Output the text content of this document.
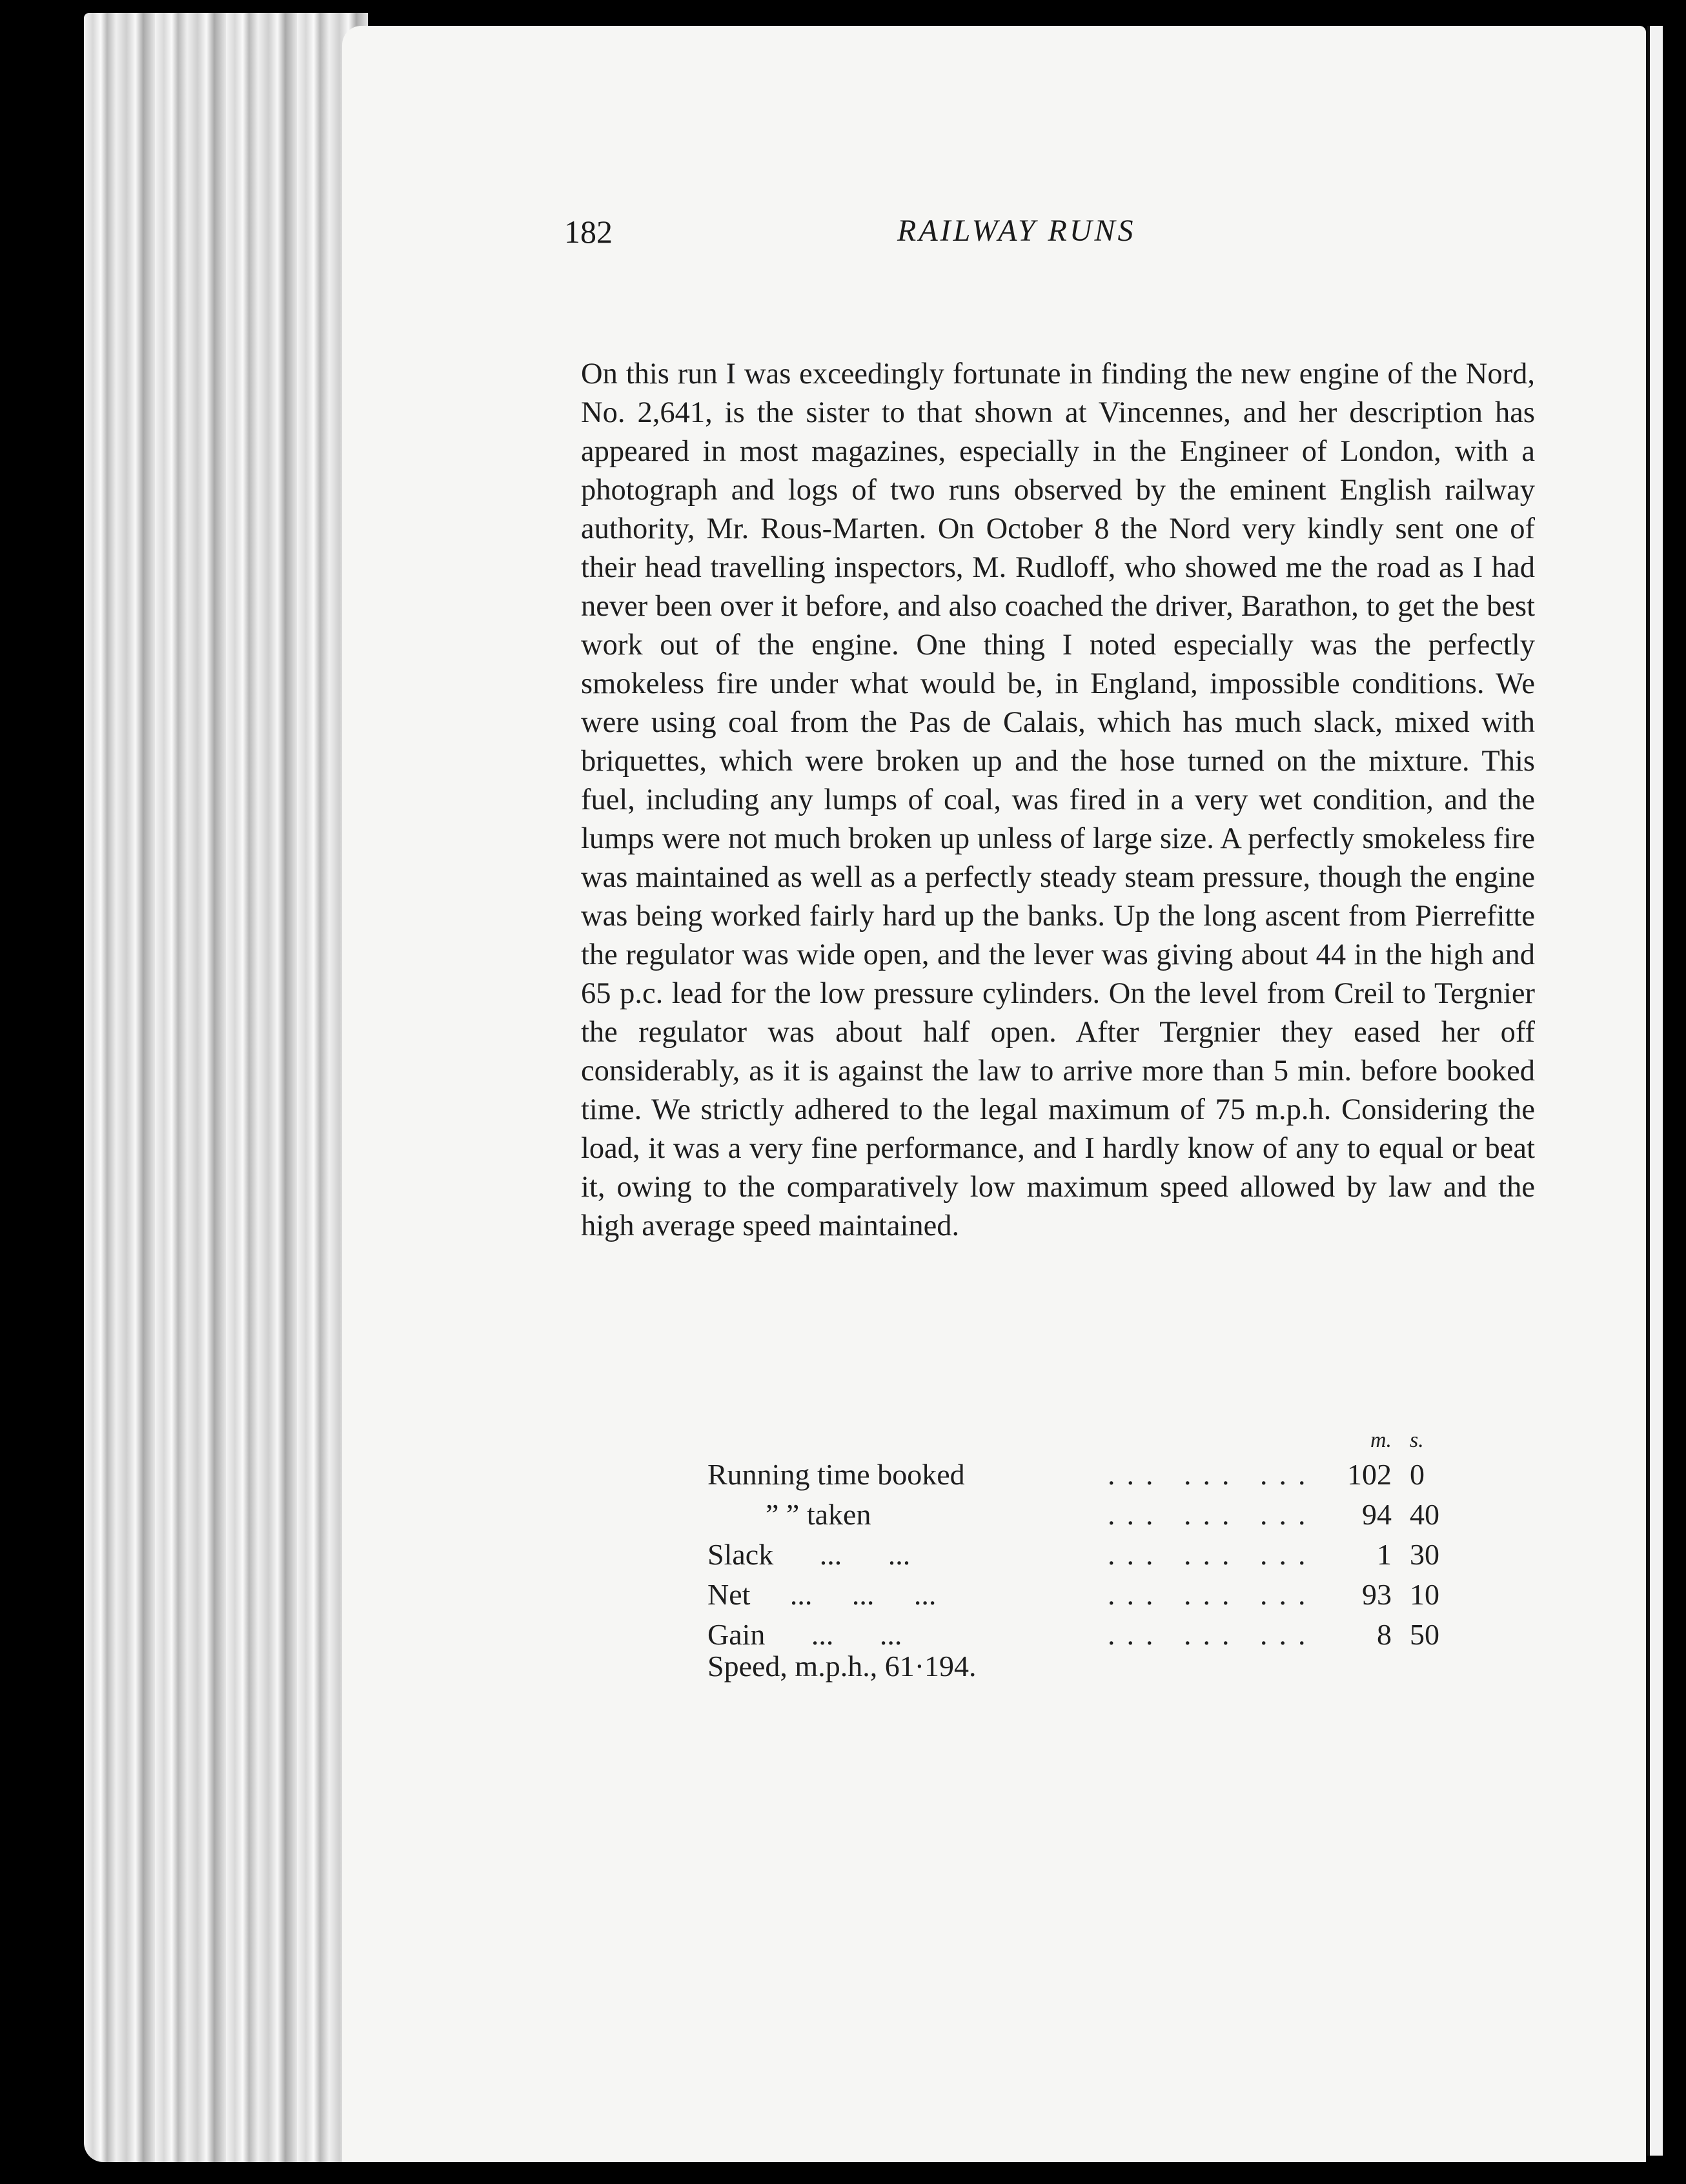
182	RAILWAY RUNS

On this run I was exceedingly fortunate in finding the new engine of the Nord, No. 2,641, is the sister to that shown at Vincennes, and her description has appeared in most magazines, especially in the Engineer of London, with a photograph and logs of two runs observed by the eminent English railway authority, Mr. Rous-Marten. On October 8 the Nord very kindly sent one of their head travelling inspectors, M. Rudloff, who showed me the road as I had never been over it before, and also coached the driver, Barathon, to get the best work out of the engine. One thing I noted especially was the perfectly smokeless fire under what would be, in England, impossible conditions. We were using coal from the Pas de Calais, which has much slack, mixed with briquettes, which were broken up and the hose turned on the mixture. This fuel, including any lumps of coal, was fired in a very wet condition, and the lumps were not much broken up unless of large size. A perfectly smokeless fire was maintained as well as a perfectly steady steam pressure, though the engine was being worked fairly hard up the banks. Up the long ascent from Pierrefitte the regulator was wide open, and the lever was giving about 44 in the high and 65 p.c. lead for the low pressure cylinders. On the level from Creil to Tergnier the regulator was about half open. After Tergnier they eased her off considerably, as it is against the law to arrive more than 5 min. before booked time. We strictly adhered to the legal maximum of 75 m.p.h. Considering the load, it was a very fine performance, and I hardly know of any to equal or beat it, owing to the comparatively low maximum speed allowed by law and the high average speed maintained.

		m.	s.
Running time booked	... ... ...	102	0
” ” taken	... ... ...	94	40
Slack ... ...	... ... ...	1	30
Net ... ... ...	... ... ...	93	10
Gain ... ...	... ... ...	8	50
Speed, m.p.h., 61·194.
